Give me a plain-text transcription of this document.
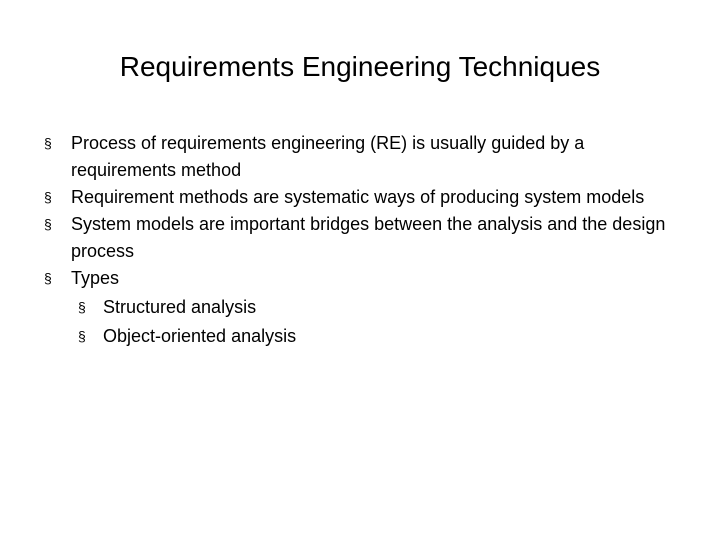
Requirements Engineering Techniques
§ Process of requirements engineering (RE) is usually guided by a requirements method
§ Requirement methods are systematic ways of producing system models
§ System models are important bridges between the analysis and the design process
§ Types
§ Structured analysis
§ Object-oriented analysis
